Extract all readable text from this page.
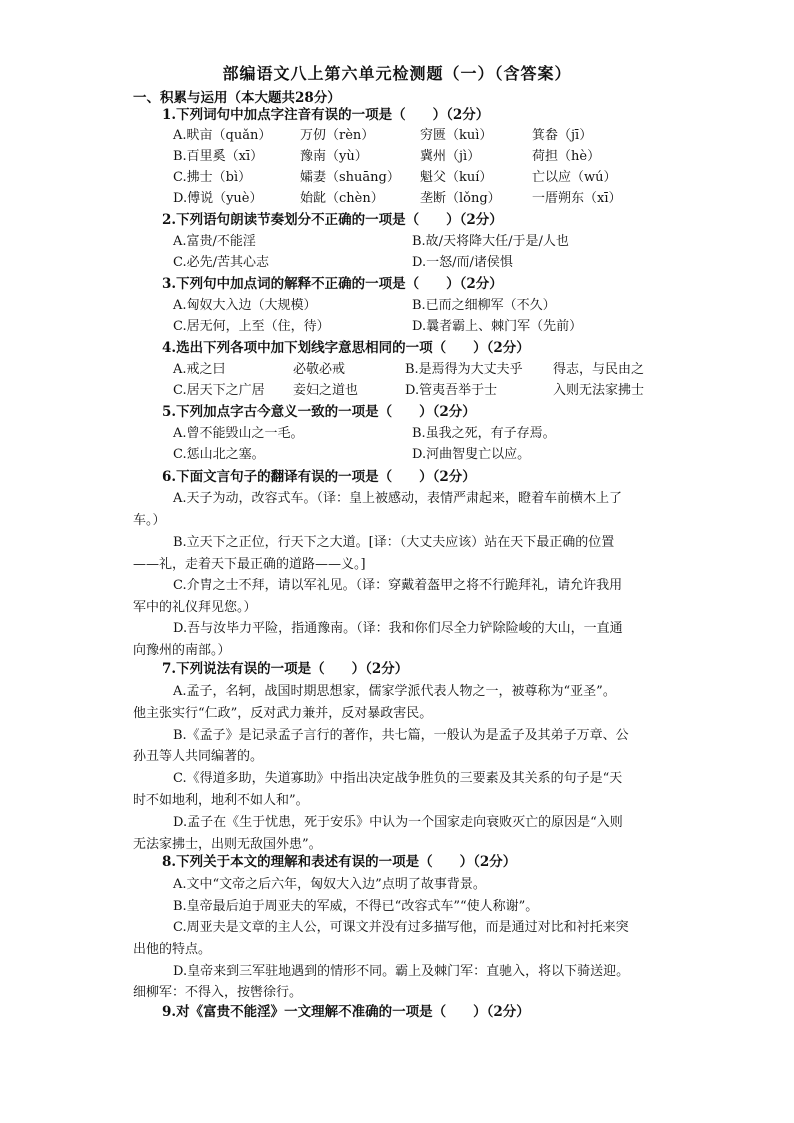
部编语文八上第六单元检测题（一）（含答案）
一、积累与运用（本大题共28分）
1.下列词句中加点字注音有误的一项是（　　）（2分）
A.畎亩（quǎn） 万仞（rèn）	穷匮（kuì）	箕畚（jī）
B.百里奚（xī）	豫南（yù）	冀州（jì）	荷担（hè）
C.拂士（bì）	孀妻（shuāng） 魁父（kuí）	亡以应（wú）
D.傅说（yuè）	始龀（chèn）	垄断（lǒng） 一厝朔东（xī）
2.下列语句朗读节奏划分不正确的一项是（　　）（2分）
A.富贵/不能淫	B.故/天将降大任/于是/人也
C.必先/苦其心志	D.一怒/而/诸侯惧
3.下列句中加点词的解释不正确的一项是（　　）（2分）
A.匈奴大入边（大规模）	B.已而之细柳军（不久）
C.居无何，上至（住，待）	D.曩者霸上、棘门军（先前）
4.选出下列各项中加下划线字意思相同的一项（　　）（2分）
A.戒之曰	必敬必戒	B.是焉得为大丈夫乎 得志，与民由之
C.居天下之广居 妾妇之道也	D.管夷吾举于士	入则无法家拂士
5.下列加点字古今意义一致的一项是（　　）（2分）
A.曾不能毁山之一毛。	B.虽我之死，有子存焉。
C.惩山北之塞。	D.河曲智叟亡以应。
6.下面文言句子的翻译有误的一项是（　　）（2分）
A.天子为动，改容式车。（译：皇上被感动，表情严肃起来，瞪着车前横木上了
车。）
B.立天下之正位，行天下之大道。[译：（大丈夫应该）站在天下最正确的位置
——礼，走着天下最正确的道路——义。]
C.介胄之士不拜，请以军礼见。（译：穿戴着盔甲之将不行跪拜礼，请允许我用
军中的礼仪拜见您。）
D.吾与汝毕力平险，指通豫南。（译：我和你们尽全力铲除险峻的大山，一直通
向豫州的南部。）
7.下列说法有误的一项是（　　）（2分）
A.孟子，名轲，战国时期思想家，儒家学派代表人物之一，被尊称为“亚圣”。
他主张实行“仁政”，反对武力兼并，反对暴政害民。
B.《孟子》是记录孟子言行的著作，共七篇，一般认为是孟子及其弟子万章、公
孙丑等人共同编著的。
C.《得道多助，失道寡助》中指出决定战争胜负的三要素及其关系的句子是“天
时不如地利，地利不如人和”。
D.孟子在《生于忧患，死于安乐》中认为一个国家走向衰败灭亡的原因是“入则
无法家拂士，出则无敌国外患”。
8.下列关于本文的理解和表述有误的一项是（　　）（2分）
A.文中“文帝之后六年，匈奴大入边”点明了故事背景。
B.皇帝最后迫于周亚夫的军威，不得已“改容式车”“使人称谢”。
C.周亚夫是文章的主人公，可课文并没有过多描写他，而是通过对比和衬托来突
出他的特点。
D.皇帝来到三军驻地遇到的情形不同。霸上及棘门军：直驰入，将以下骑送迎。
细柳军：不得入，按辔徐行。
9.对《富贵不能淫》一文理解不准确的一项是（　　）（2分）
